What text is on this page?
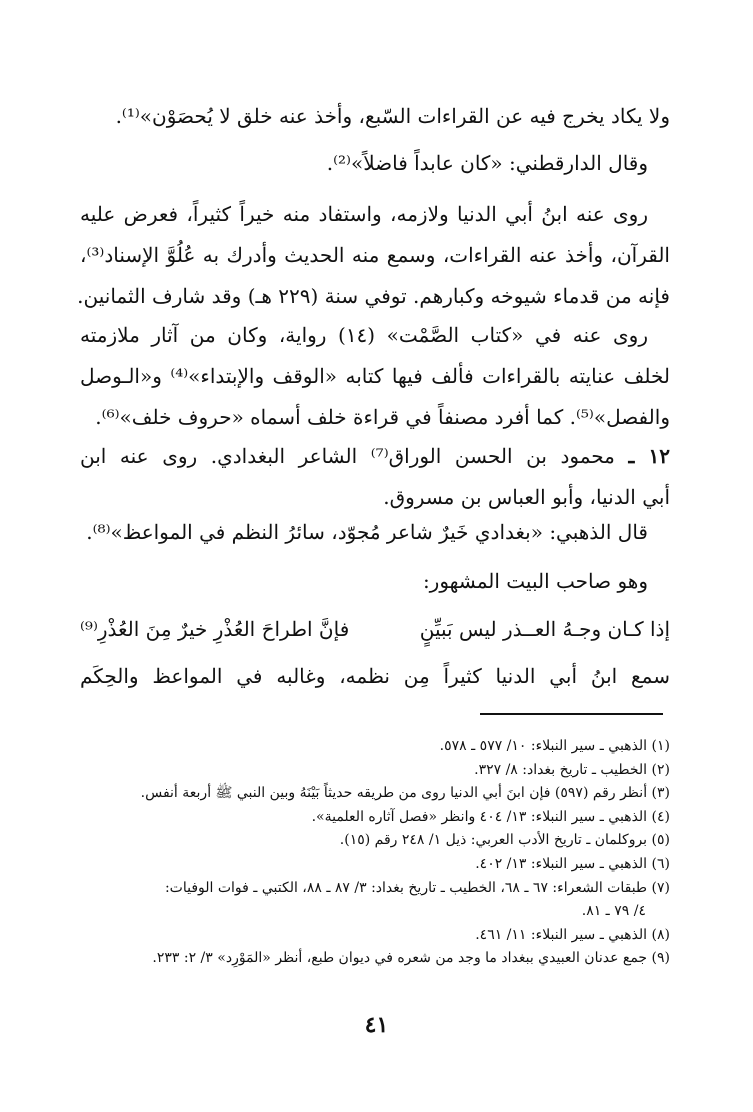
ولا يكاد يخرج فيه عن القراءات السّبع، وأخذ عنه خلق لا يُحصَوْن»⁽¹⁾.
وقال الدارقطني: «كان عابداً فاضلاً»⁽²⁾.
روى عنه ابنُ أبي الدنيا ولازمه، واستفاد منه خيراً كثيراً، فعرض عليه
القرآن، وأخذ عنه القراءات، وسمع منه الحديث وأدرك به عُلُوَّ الإسناد⁽³⁾،
فإنه من قدماء شيوخه وكبارهم. توفي سنة (٢٢٩ هـ) وقد شارف الثمانين.
روى عنه في «كتاب الصَّمْت» (١٤) رواية، وكان من آثار ملازمته
لخلف عنايته بالقراءات فألف فيها كتابه «الوقف والإبتداء»⁽⁴⁾ و«الـوصل
والفصل»⁽⁵⁾. كما أفرد مصنفاً في قراءة خلف أسماه «حروف خلف»⁽⁶⁾.
١٢ ـ محمود بن الحسن الوراق⁽⁷⁾ الشاعر البغدادي. روى عنه ابن
أبي الدنيا، وأبو العباس بن مسروق.
قال الذهبي: «بغدادي خَيرٌ شاعر مُجوّد، سائرُ النظم في المواعظ»⁽⁸⁾.
وهو صاحب البيت المشهور:
إذا كـان وجـهُ العــذر ليس بَبيِّنٍ
فإنَّ اطراحَ العُذْرِ خيرٌ مِنَ العُذْرِ⁽⁹⁾
سمع ابنُ أبي الدنيا كثيراً مِن نظمه، وغالبه في المواعظ والحِكَم
(١) الذهبي ـ سير النبلاء: ١٠/ ٥٧٧ ـ ٥٧٨.
(٢) الخطيب ـ تاريخ بغداد: ٨/ ٣٢٧.
(٣) أنظر رقم (٥٩٧) فإن ابنَ أبي الدنيا روى من طريقه حديثاً بَيْنَهُ وبين النبي ﷺ أربعة أنفس.
(٤) الذهبي ـ سير النبلاء: ١٣/ ٤٠٤ وانظر «فصل آثاره العلمية».
(٥) بروكلمان ـ تاريخ الأدب العربي: ذيل ١/ ٢٤٨ رقم (١٥).
(٦) الذهبي ـ سير النبلاء: ١٣/ ٤٠٢.
(٧) طبقات الشعراء: ٦٧ ـ ٦٨، الخطيب ـ تاريخ بغداد: ٣/ ٨٧ ـ ٨٨، الكتبي ـ فوات الوفيات:
٤/ ٧٩ ـ ٨١.
(٨) الذهبي ـ سير النبلاء: ١١/ ٤٦١.
(٩) جمع عدنان العبيدي ببغداد ما وجد من شعره في ديوان طبع، أنظر «المَوْرِد» ٣/ ٢: ٢٣٣.
٤١
